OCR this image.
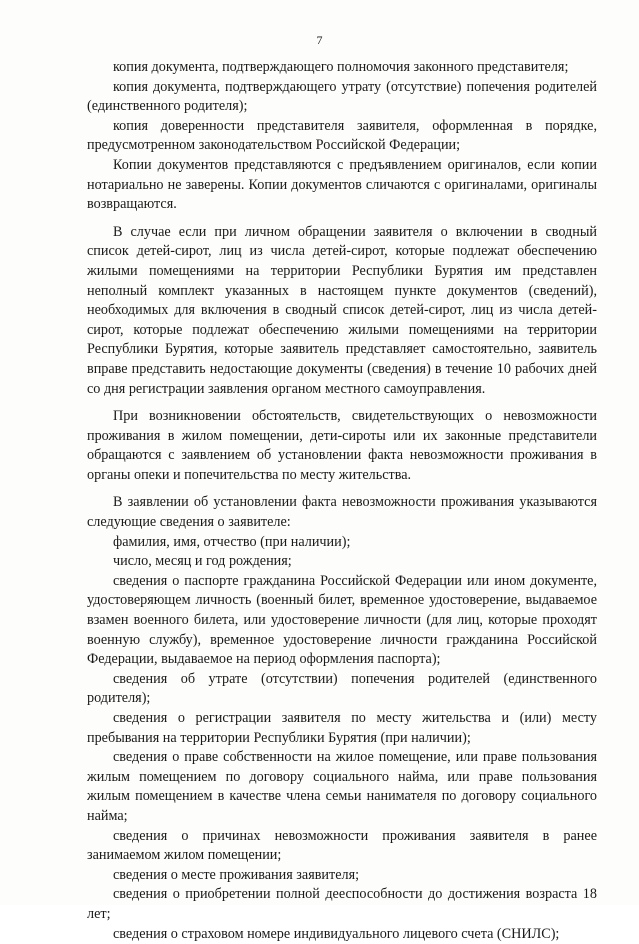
7

копия документа, подтверждающего полномочия законного представителя;

копия документа, подтверждающего утрату (отсутствие) попечения родителей (единственного родителя);

копия доверенности представителя заявителя, оформленная в порядке, предусмотренном законодательством Российской Федерации;

Копии документов представляются с предъявлением оригиналов, если копии нотариально не заверены. Копии документов сличаются с оригиналами, оригиналы возвращаются.

В случае если при личном обращении заявителя о включении в сводный список детей-сирот, лиц из числа детей-сирот, которые подлежат обеспечению жилыми помещениями на территории Республики Бурятия им представлен неполный комплект указанных в настоящем пункте документов (сведений), необходимых для включения в сводный список детей-сирот, лиц из числа детей-сирот, которые подлежат обеспечению жилыми помещениями на территории Республики Бурятия, которые заявитель представляет самостоятельно, заявитель вправе представить недостающие документы (сведения) в течение 10 рабочих дней со дня регистрации заявления органом местного самоуправления.

При возникновении обстоятельств, свидетельствующих о невозможности проживания в жилом помещении, дети-сироты или их законные представители обращаются с заявлением об установлении факта невозможности проживания в органы опеки и попечительства по месту жительства.

В заявлении об установлении факта невозможности проживания указываются следующие сведения о заявителе:

фамилия, имя, отчество (при наличии);

число, месяц и год рождения;

сведения о паспорте гражданина Российской Федерации или ином документе, удостоверяющем личность (военный билет, временное удостоверение, выдаваемое взамен военного билета, или удостоверение личности (для лиц, которые проходят военную службу), временное удостоверение личности гражданина Российской Федерации, выдаваемое на период оформления паспорта);

сведения об утрате (отсутствии) попечения родителей (единственного родителя);

сведения о регистрации заявителя по месту жительства и (или) месту пребывания на территории Республики Бурятия (при наличии);

сведения о праве собственности на жилое помещение, или праве пользования жилым помещением по договору социального найма, или праве пользования жилым помещением в качестве члена семьи нанимателя по договору социального найма;

сведения о причинах невозможности проживания заявителя в ранее занимаемом жилом помещении;

сведения о месте проживания заявителя;

сведения о приобретении полной дееспособности до достижения возраста 18 лет;

сведения о страховом номере индивидуального лицевого счета (СНИЛС);
